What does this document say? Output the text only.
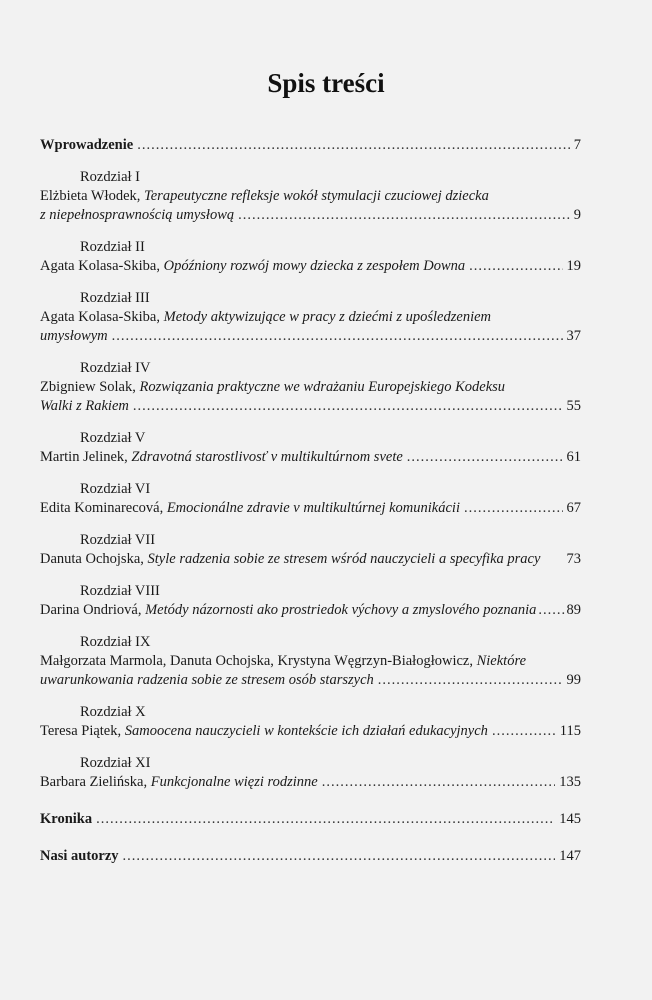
Spis treści
Wprowadzenie .....	7
Rozdział I
Elżbieta Włodek, Terapeutyczne refleksje wokół stymulacji czuciowej dziecka
z niepełnosprawnością umysłową .....	9
Rozdział II
Agata Kolasa-Skiba, Opóźniony rozwój mowy dziecka z zespołem Downa .....	19
Rozdział III
Agata Kolasa-Skiba, Metody aktywizujące w pracy z dziećmi z upośledzeniem
umysłowym .....	37
Rozdział IV
Zbigniew Solak, Rozwiązania praktyczne we wdrażaniu Europejskiego Kodeksu
Walki z Rakiem .....	55
Rozdział V
Martin Jelinek, Zdravotná starostlivosť v multikultúrnom svete .....	61
Rozdział VI
Edita Kominarecová, Emocionálne zdravie v multikultúrnej komunikácii .....	67
Rozdział VII
Danuta Ochojska, Style radzenia sobie ze stresem wśród nauczycieli a specyfika pracy 73
Rozdział VIII
Darina Ondriová, Metódy názornosti ako prostriedok výchovy a zmyslového poznania ..... 89
Rozdział IX
Małgorzata Marmola, Danuta Ochojska, Krystyna Węgrzyn-Białogłowicz, Niektóre
uwarunkowania radzenia sobie ze stresem osób starszych .....	99
Rozdział X
Teresa Piątek, Samoocena nauczycieli w kontekście ich działań edukacyjnych .....	115
Rozdział XI
Barbara Zielińska, Funkcjonalne więzi rodzinne .....	135
Kronika .....	145
Nasi autorzy .....	147
